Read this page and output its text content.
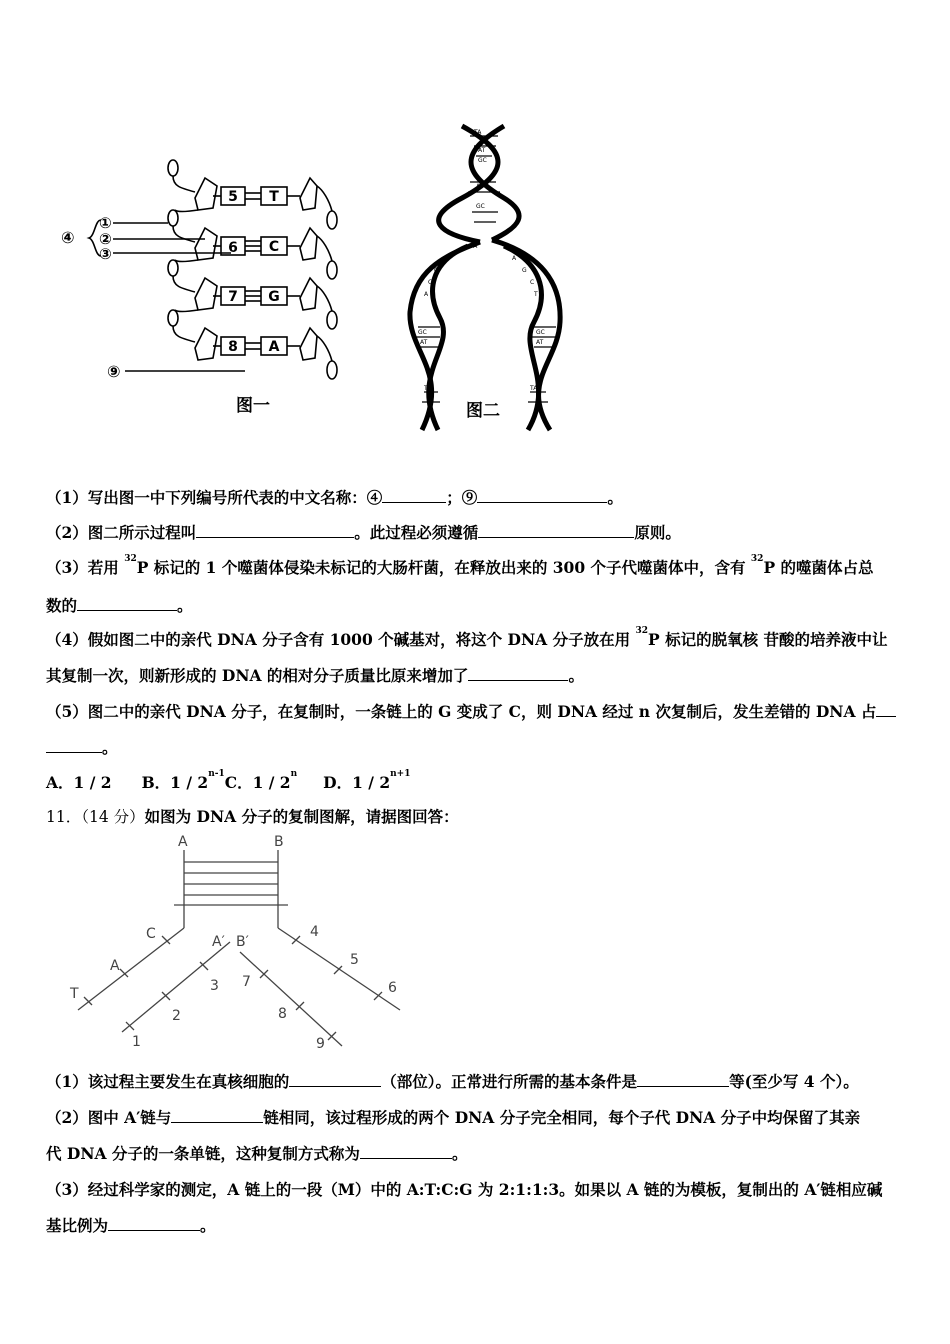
5 T
6 C
7 G
8 A
④
①
②
③
⑨
图一
TA
AT
GC
AT
GC
TA
T
G
C
A
A
G
C
T
GC
AT
TA
GC
AT
TA
图二
（1）写出图一中下列编号所代表的中文名称：④	；⑨	。
（2）图二所示过程叫	。此过程必须遵循	原则。
（3）若用 $^{32}$P 标记的 1 个噬菌体侵染未标记的大肠杆菌，在释放出来的 300 个子代噬菌体中，含有 $^{32}$P 的噬菌体占总
数的	。
（4）假如图二中的亲代 DNA 分子含有 1000 个碱基对，将这个 DNA 分子放在用 $^{32}$P 标记的脱氧核 苷酸的培养液中让
其复制一次，则新形成的 DNA 的相对分子质量比原来增加了	。
（5）图二中的亲代 DNA 分子，在复制时，一条链上的 G 变成了 C，则 DNA 经过 n 次复制后，发生差错的 DNA 占
。
A．1 / 2 B．1 / 2$^{n-1}$C．1 / 2$^n$ D．$1 / 2^{n+1}$
11．（14 分）如图为 DNA 分子的复制图解，请据图回答：
A	B
A′ B′
C
A
T
1
2
3
4
5
6
7
8
9
（1）该过程主要发生在真核细胞的	（部位）。正常进行所需的基本条件是	等(至少写 4 个）。
（2）图中 A′链与	链相同，该过程形成的两个 DNA 分子完全相同，每个子代 DNA 分子中均保留了其亲
代 DNA 分子的一条单链，这种复制方式称为	。
（3）经过科学家的测定，A 链上的一段（M）中的 A:T:C:G 为 2:1:1:3。如果以 A 链的为模板，复制出的 A′链相应碱
基比例为	。
